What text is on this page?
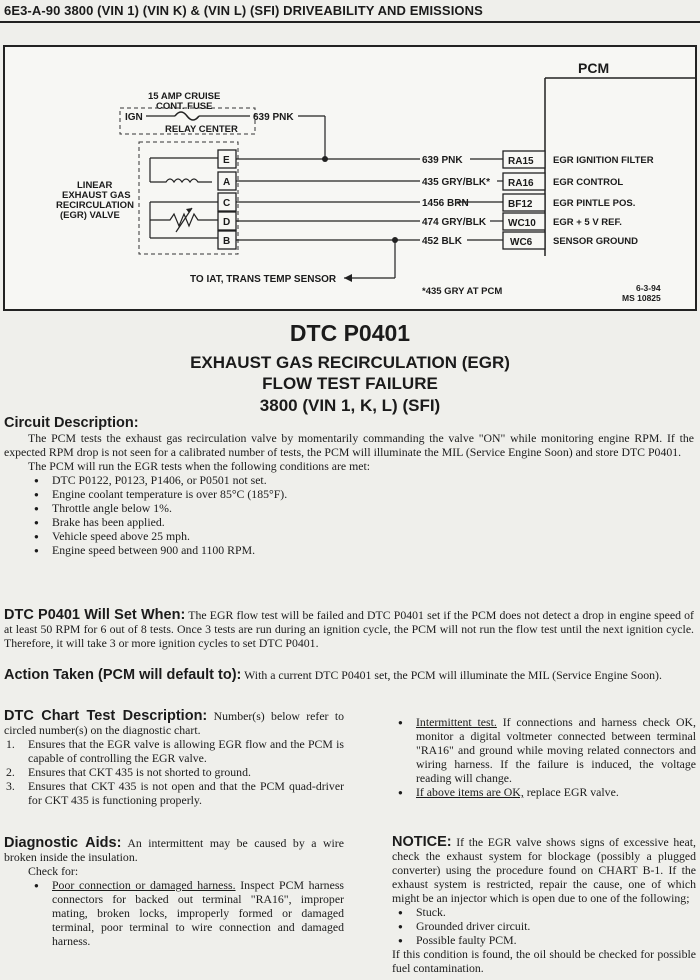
6E3-A-90 3800 (VIN 1) (VIN K) & (VIN L) (SFI) DRIVEABILITY AND EMISSIONS
PCM
15 AMP CRUISE
CONT. FUSE
IGN
RELAY CENTER
639 PNK
LINEAR
EXHAUST GAS
RECIRCULATION
(EGR) VALVE
E
A
C
D
B
TO IAT, TRANS TEMP SENSOR
639 PNK
435 GRY/BLK*
1456 BRN
474 GRY/BLK
452 BLK
RA15
RA16
BF12
WC10
WC6
EGR IGNITION FILTER
EGR CONTROL
EGR PINTLE POS.
EGR + 5 V REF.
SENSOR GROUND
*435 GRY AT PCM	6-3-94
MS 10825
DTC P0401
EXHAUST GAS RECIRCULATION (EGR)
FLOW TEST FAILURE
3800 (VIN 1, K, L) (SFI)
Circuit Description:
The PCM tests the exhaust gas recirculation valve by momentarily commanding the valve "ON" while monitoring engine RPM. If the expected RPM drop is not seen for a calibrated number of tests, the PCM will illuminate the MIL (Service Engine Soon) and store DTC P0401.
The PCM will run the EGR tests when the following conditions are met:
● DTC P0122, P0123, P1406, or P0501 not set.
● Engine coolant temperature is over 85°C (185°F).
● Throttle angle below 1%.
● Brake has been applied.
● Vehicle speed above 25 mph.
● Engine speed between 900 and 1100 RPM.
DTC P0401 Will Set When: The EGR flow test will be failed and DTC P0401 set if the PCM does not detect a drop in engine speed of at least 50 RPM for 6 out of 8 tests. Once 3 tests are run during an ignition cycle, the PCM will not run the flow test until the next ignition cycle. Therefore, it will take 3 or more ignition cycles to set DTC P0401.
Action Taken (PCM will default to): With a current DTC P0401 set, the PCM will illuminate the MIL (Service Engine Soon).
DTC Chart Test Description: Number(s) below refer to circled number(s) on the diagnostic chart.
1. Ensures that the EGR valve is allowing EGR flow and the PCM is capable of controlling the EGR valve.
2. Ensures that CKT 435 is not shorted to ground.
3. Ensures that CKT 435 is not open and that the PCM quad-driver for CKT 435 is functioning properly.
Diagnostic Aids: An intermittent may be caused by a wire broken inside the insulation.
Check for:
● Poor connection or damaged harness. Inspect PCM harness connectors for backed out terminal "RA16", improper mating, broken locks, improperly formed or damaged terminal, poor terminal to wire connection and damaged harness.
● Intermittent test. If connections and harness check OK, monitor a digital voltmeter connected between terminal "RA16" and ground while moving related connectors and wiring harness. If the failure is induced, the voltage reading will change.
● If above items are OK, replace EGR valve.
NOTICE: If the EGR valve shows signs of excessive heat, check the exhaust system for blockage (possibly a plugged converter) using the procedure found on CHART B-1. If the exhaust system is restricted, repair the cause, one of which might be an injector which is open due to one of the following;
● Stuck.
● Grounded driver circuit.
● Possible faulty PCM.
If this condition is found, the oil should be checked for possible fuel contamination.
